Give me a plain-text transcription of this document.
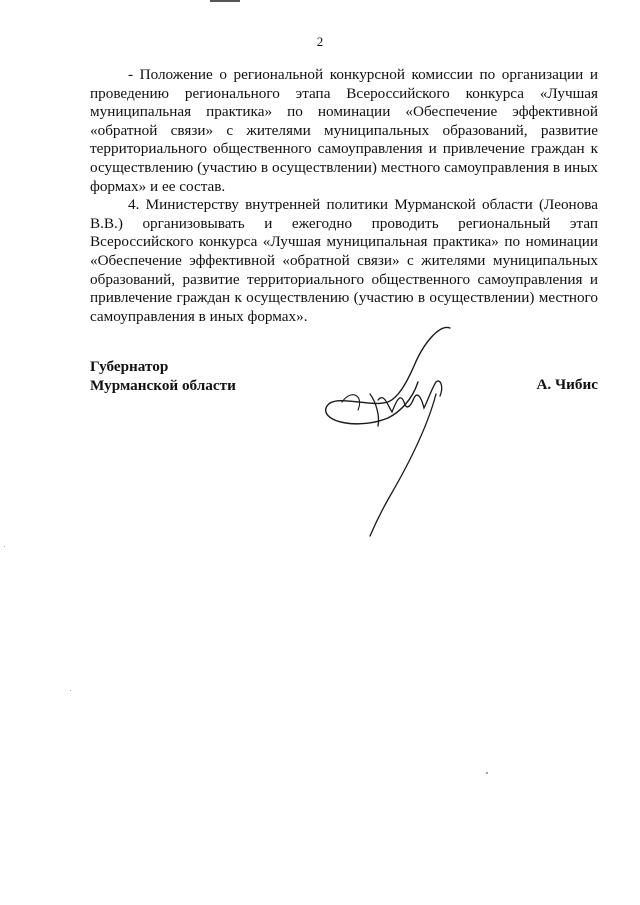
2

- Положение о региональной конкурсной комиссии по организации и проведению регионального этапа Всероссийского конкурса «Лучшая муниципальная практика» по номинации «Обеспечение эффективной «обратной связи» с жителями муниципальных образований, развитие территориального общественного самоуправления и привлечение граждан к осуществлению (участию в осуществлении) местного самоуправления в иных формах» и ее состав.

4. Министерству внутренней политики Мурманской области (Леонова В.В.) организовывать и ежегодно проводить региональный этап Всероссийского конкурса «Лучшая муниципальная практика» по номинации «Обеспечение эффективной «обратной связи» с жителями муниципальных образований, развитие территориального общественного самоуправления и привлечение граждан к осуществлению (участию в осуществлении) местного самоуправления в иных формах».

Губернатор
Мурманской области	А. Чибис
